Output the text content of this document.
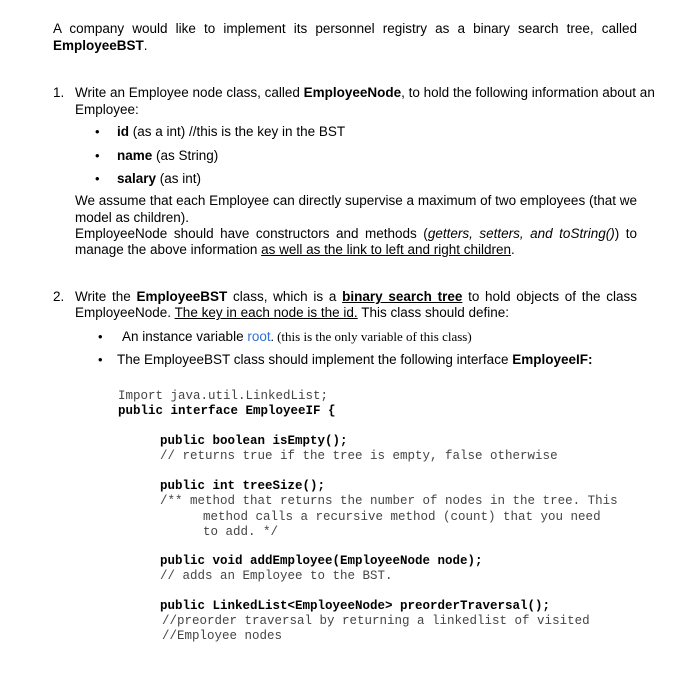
A company would like to implement its personnel registry as a binary search tree, called
EmployeeBST.
1. Write an Employee node class, called EmployeeNode, to hold the following information about an
Employee:
• id (as a int) //this is the key in the BST
• name (as String)
• salary (as int)
We assume that each Employee can directly supervise a maximum of two employees (that we
model as children).
EmployeeNode should have constructors and methods (getters, setters, and toString()) to
manage the above information as well as the link to left and right children.
2. Write the EmployeeBST class, which is a binary search tree to hold objects of the class
EmployeeNode. The key in each node is the id. This class should define:
• An instance variable root. (this is the only variable of this class)
• The EmployeeBST class should implement the following interface EmployeeIF:
Import java.util.LinkedList;
public interface EmployeeIF {
public boolean isEmpty();
// returns true if the tree is empty, false otherwise
public int treeSize();
/** method that returns the number of nodes in the tree. This
method calls a recursive method (count) that you need
to add. */
public void addEmployee(EmployeeNode node);
// adds an Employee to the BST.
public LinkedList<EmployeeNode> preorderTraversal();
//preorder traversal by returning a linkedlist of visited
//Employee nodes
